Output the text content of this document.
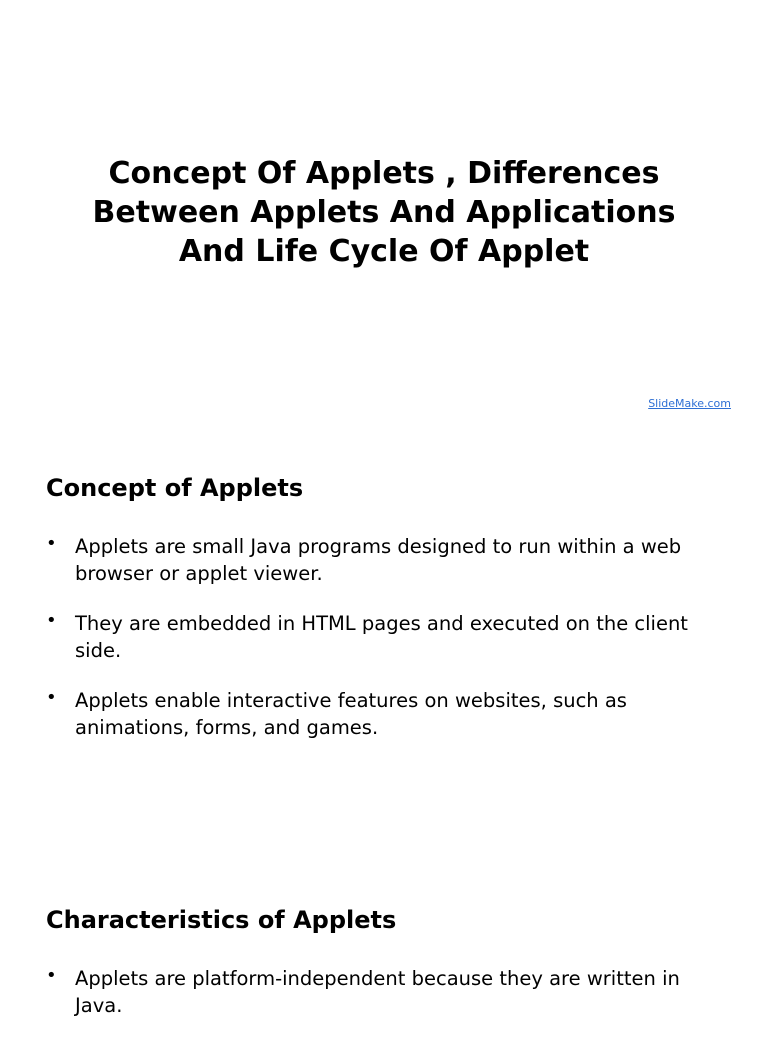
Concept Of Applets , Differences
Between Applets And Applications
And Life Cycle Of Applet
SlideMake.com
Concept of Applets
• Applets are small Java programs designed to run within a web browser or applet viewer.
• They are embedded in HTML pages and executed on the client side.
• Applets enable interactive features on websites, such as animations, forms, and games.
Characteristics of Applets
• Applets are platform-independent because they are written in Java.
